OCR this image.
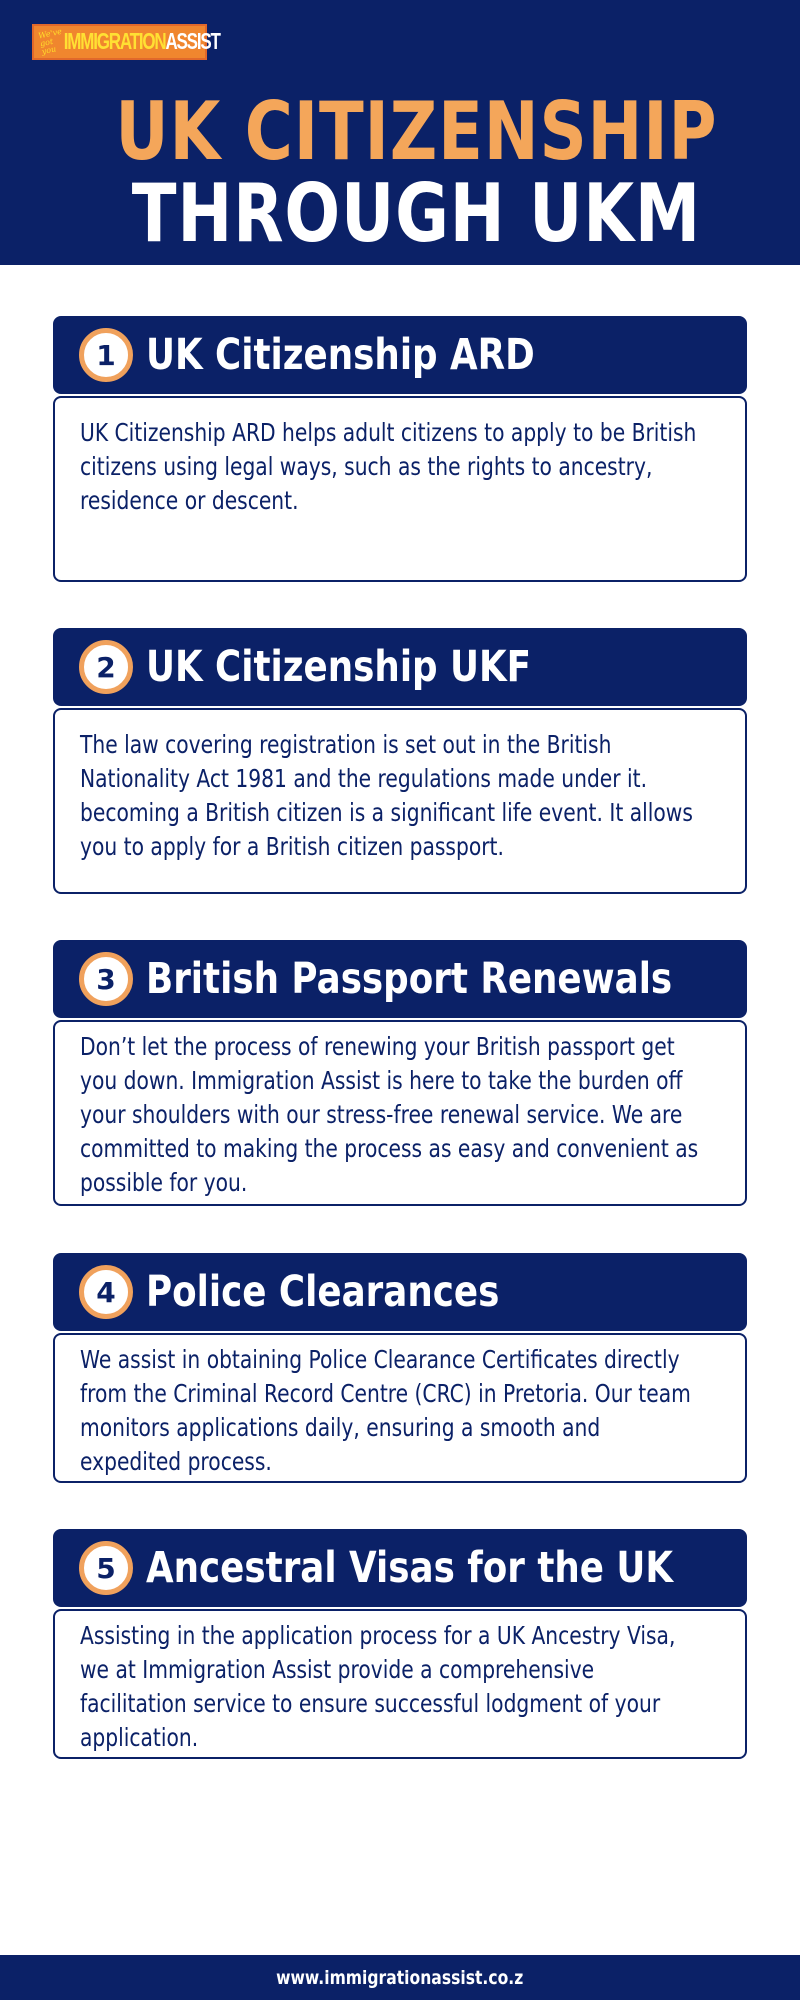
We've got you IMMIGRATION ASSIST
UK CITIZENSHIP
THROUGH UKM
1 UK Citizenship ARD
UK Citizenship ARD helps adult citizens to apply to be British citizens using legal ways, such as the rights to ancestry, residence or descent.
2 UK Citizenship UKF
The law covering registration is set out in the British Nationality Act 1981 and the regulations made under it. becoming a British citizen is a significant life event. It allows you to apply for a British citizen passport.
3 British Passport Renewals
Don’t let the process of renewing your British passport get you down. Immigration Assist is here to take the burden off your shoulders with our stress-free renewal service. We are committed to making the process as easy and convenient as possible for you.
4 Police Clearances
We assist in obtaining Police Clearance Certificates directly from the Criminal Record Centre (CRC) in Pretoria. Our team monitors applications daily, ensuring a smooth and expedited process.
5 Ancestral Visas for the UK
Assisting in the application process for a UK Ancestry Visa, we at Immigration Assist provide a comprehensive facilitation service to ensure successful lodgment of your application.
www.immigrationassist.co.z
